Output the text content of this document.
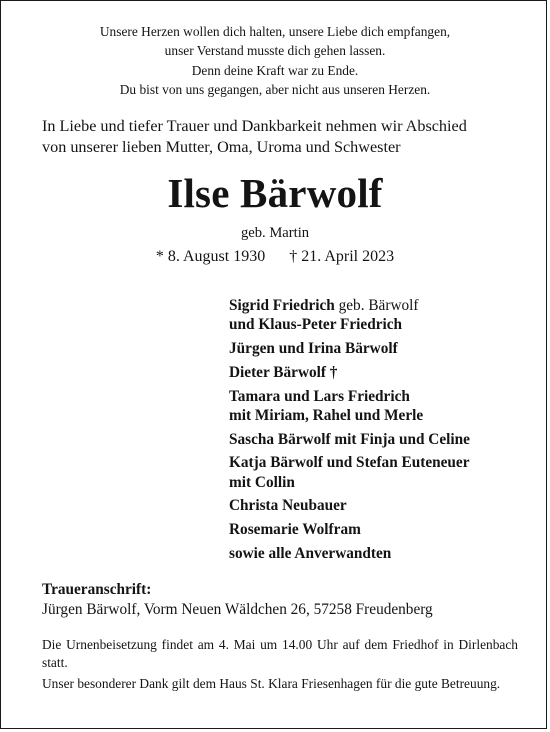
Unsere Herzen wollen dich halten, unsere Liebe dich empfangen,
unser Verstand musste dich gehen lassen.
Denn deine Kraft war zu Ende.
Du bist von uns gegangen, aber nicht aus unseren Herzen.
In Liebe und tiefer Trauer und Dankbarkeit nehmen wir Abschied
von unserer lieben Mutter, Oma, Uroma und Schwester
Ilse Bärwolf
geb. Martin
* 8. August 1930 † 21. April 2023
Sigrid Friedrich geb. Bärwolf
und Klaus-Peter Friedrich
Jürgen und Irina Bärwolf
Dieter Bärwolf †
Tamara und Lars Friedrich
mit Miriam, Rahel und Merle
Sascha Bärwolf mit Finja und Celine
Katja Bärwolf und Stefan Euteneuer
mit Collin
Christa Neubauer
Rosemarie Wolfram
sowie alle Anverwandten
Traueranschrift:
Jürgen Bärwolf, Vorm Neuen Wäldchen 26, 57258 Freudenberg

Die Urnenbeisetzung findet am 4. Mai um 14.00 Uhr auf dem Friedhof in Dirlenbach statt.

Unser besonderer Dank gilt dem Haus St. Klara Friesenhagen für die gute Betreuung.
